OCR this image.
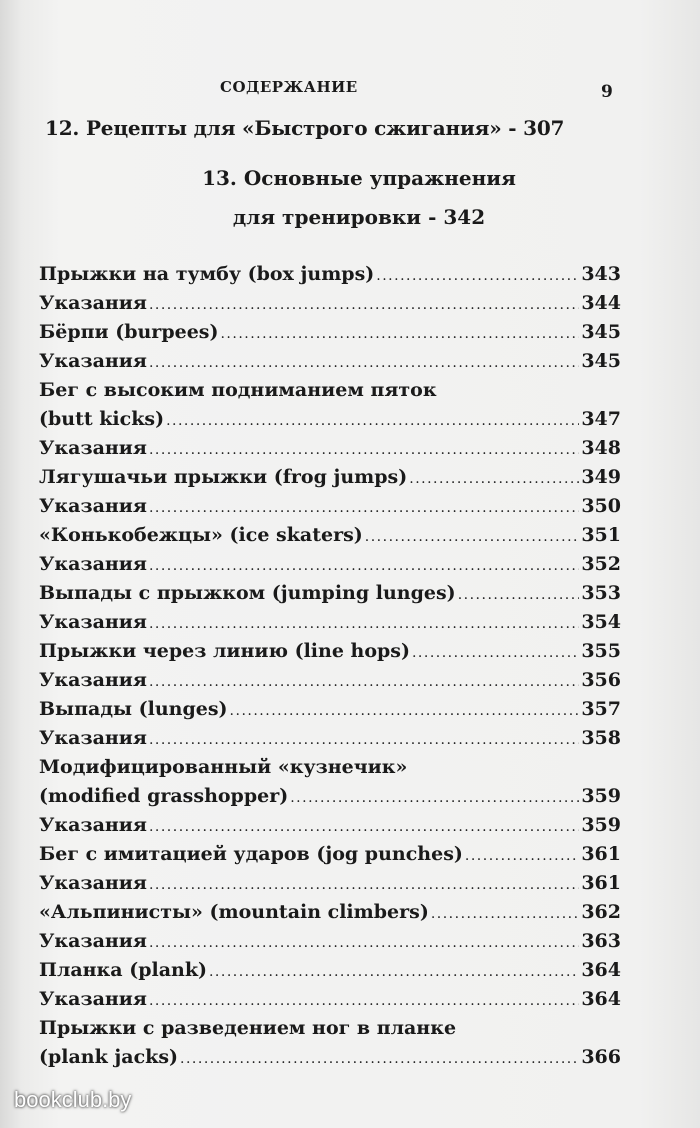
СОДЕРЖАНИЕ	9
12. Рецепты для «Быстрого сжигания» - 307
13. Основные упражнения
для тренировки - 342
Прыжки на тумбу (box jumps) .....	343
Указания .....	344
Бёрпи (burpees) .....	345
Указания .....	345
Бег с высоким подниманием пяток
(butt kicks) .....	347
Указания .....	348
Лягушачьи прыжки (frog jumps) .....	349
Указания .....	350
«Конькобежцы» (ice skaters) .....	351
Указания .....	352
Выпады с прыжком (jumping lunges) .....	353
Указания .....	354
Прыжки через линию (line hops) .....	355
Указания .....	356
Выпады (lunges) .....	357
Указания .....	358
Модифицированный «кузнечик»
(modified grasshopper) .....	359
Указания .....	359
Бег с имитацией ударов (jog punches) .....	361
Указания .....	361
«Альпинисты» (mountain climbers) .....	362
Указания .....	363
Планка (plank) .....	364
Указания .....	364
Прыжки с разведением ног в планке
(plank jacks) .....	366
bookclub.by
